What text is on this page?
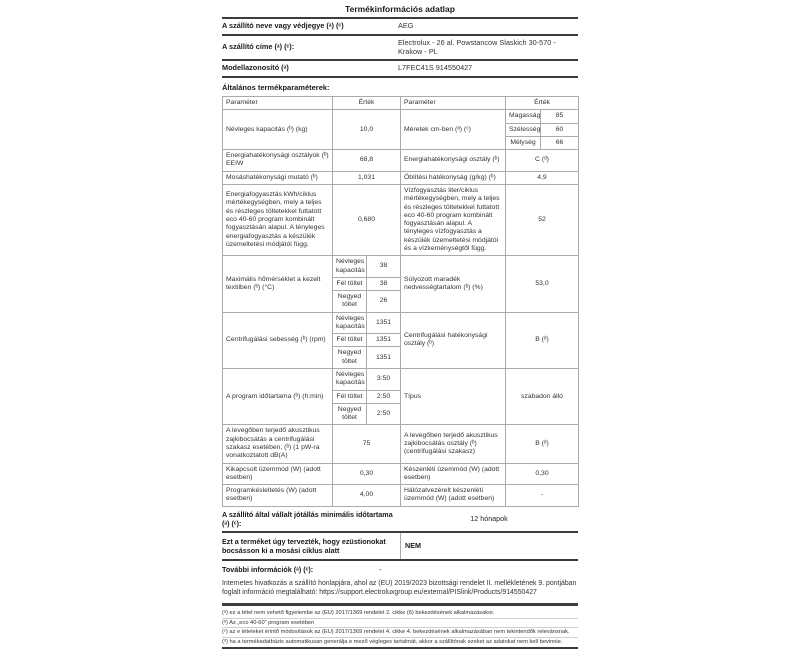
Termékinformációs adatlap
A szállító neve vagy védjegye (ᵃ) (ᶜ)	AEG
A szállító címe (ᵃ) (ᶜ):	Electrolux - 26 al. Powstancow Slaskich 30-570 - Krakow - PL
Modellazonosító (ᵃ)	L7FEC41S 914550427
Általános termékparaméterek:
Paraméter	Érték		Paraméter	Érték	
Névleges kapacitás (ᵇ) (kg)	10,0		Méretek cm-ben (ᵃ) (ᶜ)	Magasság	85
				Szélesség	60
				Mélység	66
Energiahatékonysági osztályok (ᵇ) EEIW	68,8		Energiahatékonysági osztály (ᵇ)	C (ᵈ)	
Mosáshatékonysági mutató (ᵇ)	1,031		Öblítési hatékonyság (g/kg) (ᵇ)	4,9	
Energiafogyasztás kWh/ciklus mértékegységben, mely a teljes és részleges töltetekkel futtatott eco 40-60 program kombinált fogyasztásán alapul. A tényleges energiafogyasztás a készülék üzemeltetési módjától függ.	0,680	Vízfogyasztás liter/ciklus mértékegységben, mely a teljes és részleges töltetekkel futtatott eco 40-60 program kombinált fogyasztásán alapul. A tényleges vízfogyasztás a készülék üzemeltetési módjától és a vízkeménységtől függ.	52
Maximális hőmérséklet a kezelt textilben (ᵇ) (°C)	Névleges kapacitás	38	Súlyozott maradék nedvességtartalom (ᵇ) (%)	53,0	
	Fél töltet	38			
	Negyed töltet	26			
Centrifugálási sebesség (ᵇ) (rpm)	Névleges kapacitás	1351	Centrifugálási hatékonysági osztály (ᵇ)	B (ᵈ)	
	Fél töltet	1351			
	Negyed töltet	1351			
A program időtartama (ᵇ) (h:min)	Névleges kapacitás	3:50	Típus	szabadon álló	
	Fél töltet	2:50			
	Negyed töltet	2:50			
A levegőben terjedő akusztikus zajkibocsátás a centrifugálási szakasz esetében, (ᵇ) (1 pW-ra vonatkoztatott dB(A)	75		A levegőben terjedő akusztikus zajkibocsátás osztály (ᵇ) (centrifugálási szakasz)	B (ᵈ)	
Kikapcsolt üzemmód (W) (adott esetben)	0,30		Készenléti üzemmód (W) (adott esetben)	0,30	
Programkésleltetés (W) (adott esetben)	4,00		Hálózatvezérelt készenléti üzemmód (W) (adott esetben)	-	
A szállító által vállalt jótállás minimális időtartama (ᵃ) (ᶜ):	12 hónapok
Ezt a terméket úgy tervezték, hogy ezüstionokat bocsásson ki a mosási ciklus alatt	NEM
További információk (ᵃ) (ᶜ):	-
Internetes hivatkozás a szállító honlapjára, ahol az (EU) 2019/2023 bizottsági rendelet II. mellékletének 9. pontjában foglalt információ megtalálható: https://support.electroluxgroup.eu/external/PISlink/Products/914550427
(ᵃ) ez a tétel nem vehető figyelembe az (EU) 2017/1369 rendelet 2. cikke (6) bekezdésének alkalmazásakor.
(ᵇ) Az „eco 40-60” program esetében
(ᶜ) az e tételeket érintő módosítások az (EU) 2017/1369 rendelet 4. cikke 4. bekezdésének alkalmazásában nem tekintendők relevánsnak.
(ᵈ) ha a termékadatbázis automatikusan generálja e mező végleges tartalmát, akkor a szállítónak ezeket az adatokat nem kell bevinnie.
